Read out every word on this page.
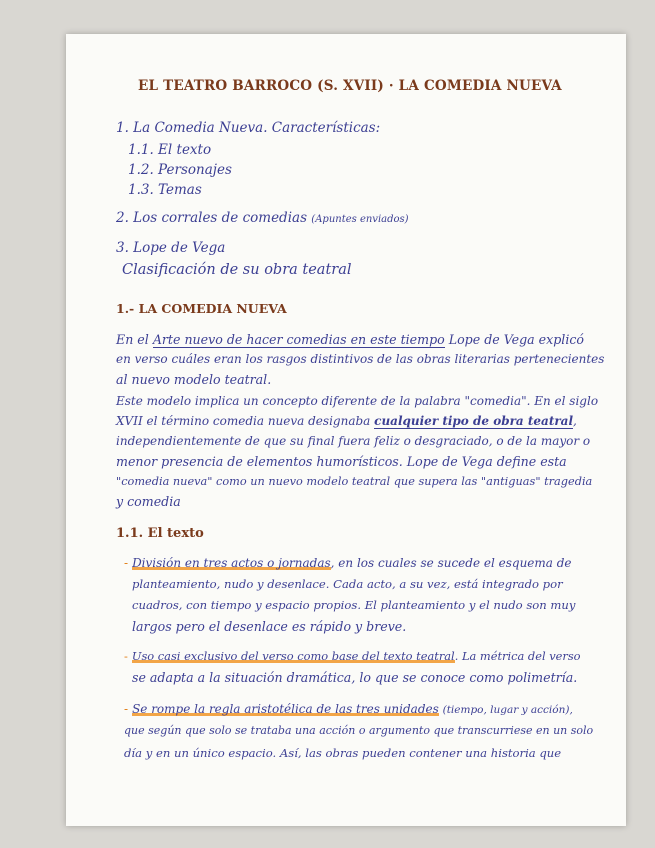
EL TEATRO BARROCO (S. XVII) · LA COMEDIA NUEVA
1. La Comedia Nueva. Características:
1.1. El texto
1.2. Personajes
1.3. Temas
2. Los corrales de comedias (Apuntes enviados)
3. Lope de Vega
Clasificación de su obra teatral
1.- LA COMEDIA NUEVA
En el Arte nuevo de hacer comedias en este tiempo Lope de Vega explicó
en verso cuáles eran los rasgos distintivos de las obras literarias pertenecientes
al nuevo modelo teatral.
Este modelo implica un concepto diferente de la palabra "comedia". En el siglo
XVII el término comedia nueva designaba cualquier tipo de obra teatral,
independientemente de que su final fuera feliz o desgraciado, o de la mayor o
menor presencia de elementos humorísticos. Lope de Vega define esta
"comedia nueva" como un nuevo modelo teatral que supera las "antiguas" tragedia
y comedia
1.1. El texto
- División en tres actos o jornadas, en los cuales se sucede el esquema de
planteamiento, nudo y desenlace. Cada acto, a su vez, está integrado por
cuadros, con tiempo y espacio propios. El planteamiento y el nudo son muy
largos pero el desenlace es rápido y breve.
- Uso casi exclusivo del verso como base del texto teatral. La métrica del verso
se adapta a la situación dramática, lo que se conoce como polimetría.
- Se rompe la regla aristotélica de las tres unidades (tiempo, lugar y acción),
que según que solo se trataba una acción o argumento que transcurriese en un solo
día y en un único espacio. Así, las obras pueden contener una historia que
